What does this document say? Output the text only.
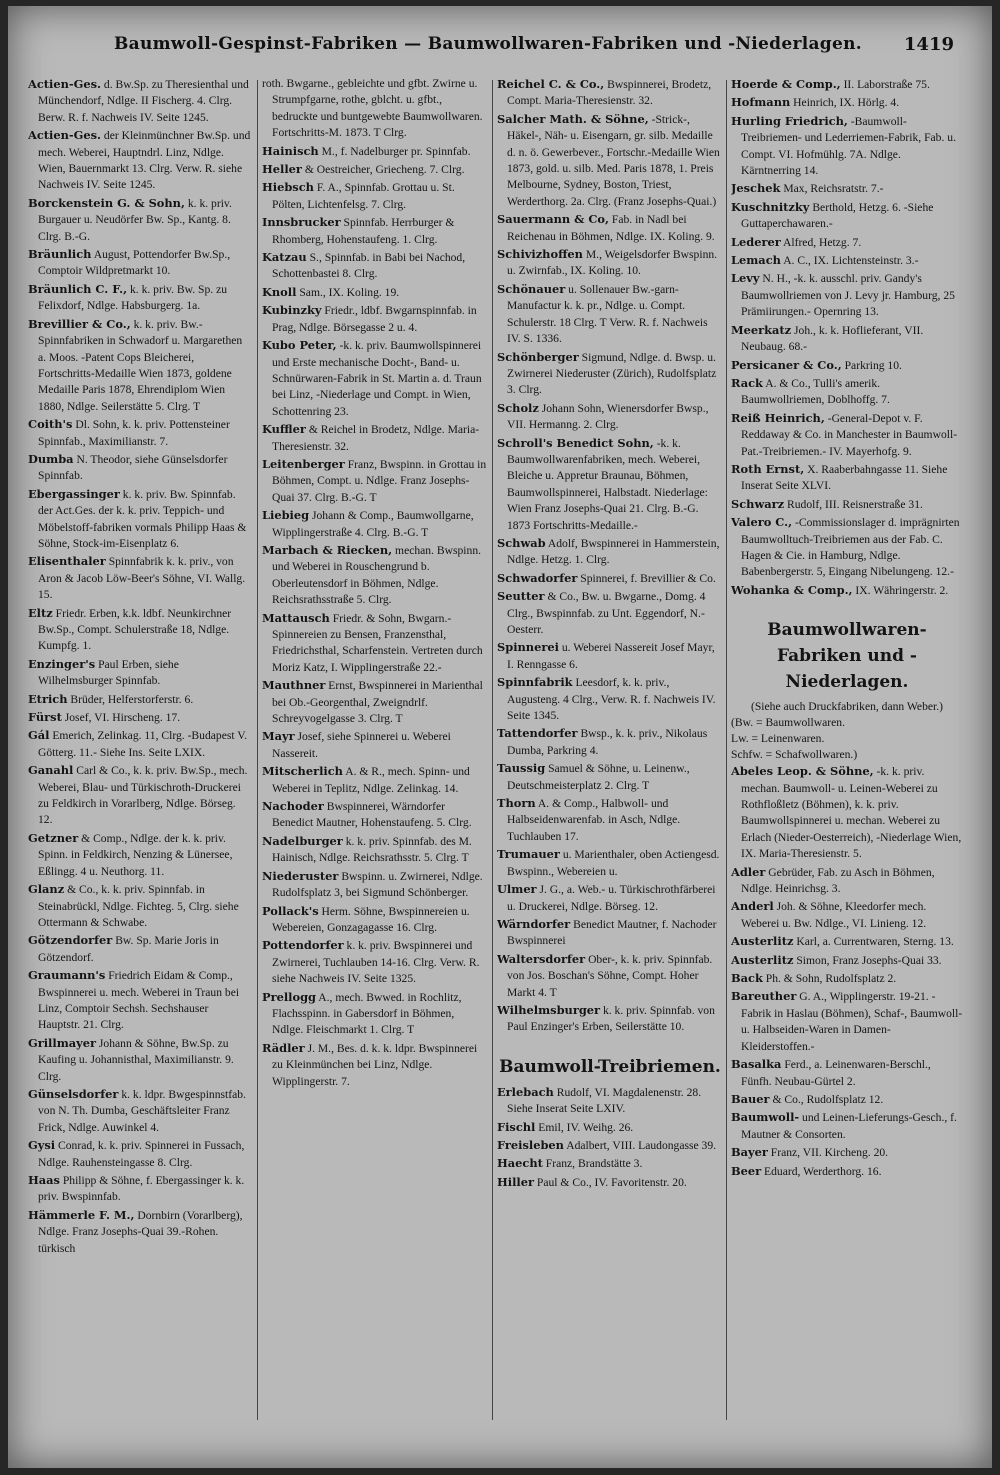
Baumwoll-Gespinst-Fabriken — Baumwollwaren-Fabriken und -Niederlagen.	1419
Actien-Ges. d. Bw.Sp. zu Theresienthal und Münchendorf, Ndlge. II Fischerg. 4. Clrg. Berw. R. f. Nachweis IV. Seite 1245.
Actien-Ges. der Kleinmünchner Bw.Sp. und mech. Weberei, Hauptndrl. Linz, Ndlge. Wien, Bauernmarkt 13. Clrg. Verw. R. siehe Nachweis IV. Seite 1245.
Borckenstein G. & Sohn, k. k. priv. Burgauer u. Neudörfer Bw. Sp., Kantg. 8. Clrg. B.-G.
Bräunlich August, Pottendorfer Bw.Sp., Comptoir Wildpretmarkt 10.
Bräunlich C. F., k. k. priv. Bw. Sp. zu Felixdorf, Ndlge. Habsburgerg. 1a.
Brevillier & Co., k. k. priv. Bw.-Spinnfabriken in Schwadorf u. Margarethen a. Moos. -Patent Cops Bleicherei, Fortschritts-Medaille Wien 1873, goldene Medaille Paris 1878, Ehrendiplom Wien 1880, Ndlge. Seilerstätte 5. Clrg. T
Coith's Dl. Sohn, k. k. priv. Pottensteiner Spinnfab., Maximilianstr. 7.
Dumba N. Theodor, siehe Günselsdorfer Spinnfab.
Ebergassinger k. k. priv. Bw. Spinnfab. der Act.Ges. der k. k. priv. Teppich- und Möbelstoff-fabriken vormals Philipp Haas & Söhne, Stock-im-Eisenplatz 6.
Elisenthaler Spinnfabrik k. k. priv., von Aron & Jacob Löw-Beer's Söhne, VI. Wallg. 15.
Eltz Friedr. Erben, k.k. ldbf. Neunkirchner Bw.Sp., Compt. Schulerstraße 18, Ndlge. Kumpfg. 1.
Enzinger's Paul Erben, siehe Wilhelmsburger Spinnfab.
Etrich Brüder, Helferstorferstr. 6.
Fürst Josef, VI. Hirscheng. 17.
Gál Emerich, Zelinkag. 11, Clrg. -Budapest V. Götterg. 11.- Siehe Ins. Seite LXIX.
Ganahl Carl & Co., k. k. priv. Bw.Sp., mech. Weberei, Blau- und Türkischroth-Druckerei zu Feldkirch in Vorarlberg, Ndlge. Börseg. 12.
Getzner & Comp., Ndlge. der k. k. priv. Spinn. in Feldkirch, Nenzing & Lünersee, Eßlingg. 4 u. Neuthorg. 11.
Glanz & Co., k. k. priv. Spinnfab. in Steinabrückl, Ndlge. Fichteg. 5, Clrg. siehe Ottermann & Schwabe.
Götzendorfer Bw. Sp. Marie Joris in Götzendorf.
Graumann's Friedrich Eidam & Comp., Bwspinnerei u. mech. Weberei in Traun bei Linz, Comptoir Sechsh. Sechshauser Hauptstr. 21. Clrg.
Grillmayer Johann & Söhne, Bw.Sp. zu Kaufing u. Johannisthal, Maximilianstr. 9. Clrg.
Günselsdorfer k. k. ldpr. Bwgespinnstfab. von N. Th. Dumba, Geschäftsleiter Franz Frick, Ndlge. Auwinkel 4.
Gysi Conrad, k. k. priv. Spinnerei in Fussach, Ndlge. Rauhensteingasse 8. Clrg.
Haas Philipp & Söhne, f. Ebergassinger k. k. priv. Bwspinnfab.
Hämmerle F. M., Dornbirn (Vorarlberg), Ndlge. Franz Josephs-Quai 39.-Rohen. türkisch
roth. Bwgarne., gebleichte und gfbt. Zwirne u. Strumpfgarne, rothe, gblcht. u. gfbt., bedruckte und buntgewebte Baumwollwaren. Fortschritts-M. 1873. T Clrg.
Hainisch M., f. Nadelburger pr. Spinnfab.
Heller & Oestreicher, Griecheng. 7. Clrg.
Hiebsch F. A., Spinnfab. Grottau u. St. Pölten, Lichtenfelsg. 7. Clrg.
Innsbrucker Spinnfab. Herrburger & Rhomberg, Hohenstaufeng. 1. Clrg.
Katzau S., Spinnfab. in Babi bei Nachod, Schottenbastei 8. Clrg.
Knoll Sam., IX. Koling. 19.
Kubinzky Friedr., ldbf. Bwgarnspinnfab. in Prag, Ndlge. Börsegasse 2 u. 4.
Kubo Peter, -k. k. priv. Baumwollspinnerei und Erste mechanische Docht-, Band- u. Schnürwaren-Fabrik in St. Martin a. d. Traun bei Linz, -Niederlage und Compt. in Wien, Schottenring 23.
Kuffler & Reichel in Brodetz, Ndlge. Maria-Theresienstr. 32.
Leitenberger Franz, Bwspinn. in Grottau in Böhmen, Compt. u. Ndlge. Franz Josephs-Quai 37. Clrg. B.-G. T
Liebieg Johann & Comp., Baumwollgarne, Wipplingerstraße 4. Clrg. B.-G. T
Marbach & Riecken, mechan. Bwspinn. und Weberei in Rouschengrund b. Oberleutensdorf in Böhmen, Ndlge. Reichsrathsstraße 5. Clrg.
Mattausch Friedr. & Sohn, Bwgarn.-Spinnereien zu Bensen, Franzensthal, Friedrichsthal, Scharfenstein. Vertreten durch Moriz Katz, I. Wipplingerstraße 22.-
Mauthner Ernst, Bwspinnerei in Marienthal bei Ob.-Georgenthal, Zweigndrlf. Schreyvogelgasse 3. Clrg. T
Mayr Josef, siehe Spinnerei u. Weberei Nassereit.
Mitscherlich A. & R., mech. Spinn- und Weberei in Teplitz, Ndlge. Zelinkag. 14.
Nachoder Bwspinnerei, Wärndorfer Benedict Mautner, Hohenstaufeng. 5. Clrg.
Nadelburger k. k. priv. Spinnfab. des M. Hainisch, Ndlge. Reichsrathsstr. 5. Clrg. T
Niederuster Bwspinn. u. Zwirnerei, Ndlge. Rudolfsplatz 3, bei Sigmund Schönberger.
Pollack's Herm. Söhne, Bwspinnereien u. Webereien, Gonzagagasse 16. Clrg.
Pottendorfer k. k. priv. Bwspinnerei und Zwirnerei, Tuchlauben 14-16. Clrg. Verw. R. siehe Nachweis IV. Seite 1325.
Prellogg A., mech. Bwwed. in Rochlitz, Flachsspinn. in Gabersdorf in Böhmen, Ndlge. Fleischmarkt 1. Clrg. T
Rädler J. M., Bes. d. k. k. ldpr. Bwspinnerei zu Kleinmünchen bei Linz, Ndlge. Wipplingerstr. 7.
Reichel C. & Co., Bwspinnerei, Brodetz, Compt. Maria-Theresienstr. 32.
Salcher Math. & Söhne, -Strick-, Häkel-, Näh- u. Eisengarn, gr. silb. Medaille d. n. ö. Gewerbever., Fortschr.-Medaille Wien 1873, gold. u. silb. Med. Paris 1878, 1. Preis Melbourne, Sydney, Boston, Triest, Werderthorg. 2a. Clrg. (Franz Josephs-Quai.)
Sauermann & Co, Fab. in Nadl bei Reichenau in Böhmen, Ndlge. IX. Koling. 9.
Schivizhoffen M., Weigelsdorfer Bwspinn. u. Zwirnfab., IX. Koling. 10.
Schönauer u. Sollenauer Bw.-garn-Manufactur k. k. pr., Ndlge. u. Compt. Schulerstr. 18 Clrg. T Verw. R. f. Nachweis IV. S. 1336.
Schönberger Sigmund, Ndlge. d. Bwsp. u. Zwirnerei Niederuster (Zürich), Rudolfsplatz 3. Clrg.
Scholz Johann Sohn, Wienersdorfer Bwsp., VII. Hermanng. 2. Clrg.
Schroll's Benedict Sohn, -k. k. Baumwollwarenfabriken, mech. Weberei, Bleiche u. Appretur Braunau, Böhmen, Baumwollspinnerei, Halbstadt. Niederlage: Wien Franz Josephs-Quai 21. Clrg. B.-G. 1873 Fortschritts-Medaille.-
Schwab Adolf, Bwspinnerei in Hammerstein, Ndlge. Hetzg. 1. Clrg.
Schwadorfer Spinnerei, f. Brevillier & Co.
Seutter & Co., Bw. u. Bwgarne., Domg. 4 Clrg., Bwspinnfab. zu Unt. Eggendorf, N.-Oesterr.
Spinnerei u. Weberei Nassereit Josef Mayr, I. Renngasse 6.
Spinnfabrik Leesdorf, k. k. priv., Augusteng. 4 Clrg., Verw. R. f. Nachweis IV. Seite 1345.
Tattendorfer Bwsp., k. k. priv., Nikolaus Dumba, Parkring 4.
Taussig Samuel & Söhne, u. Leinenw., Deutschmeisterplatz 2. Clrg. T
Thorn A. & Comp., Halbwoll- und Halbseidenwarenfab. in Asch, Ndlge. Tuchlauben 17.
Trumauer u. Marienthaler, oben Actiengesd. Bwspinn., Webereien u.
Ulmer J. G., a. Web.- u. Türkischrothfärberei u. Druckerei, Ndlge. Börseg. 12.
Wärndorfer Benedict Mautner, f. Nachoder Bwspinnerei
Waltersdorfer Ober-, k. k. priv. Spinnfab. von Jos. Boschan's Söhne, Compt. Hoher Markt 4. T
Wilhelmsburger k. k. priv. Spinnfab. von Paul Enzinger's Erben, Seilerstätte 10.
Baumwoll-Treibriemen.
Erlebach Rudolf, VI. Magdalenenstr. 28. Siehe Inserat Seite LXIV.
Fischl Emil, IV. Weihg. 26.
Freisleben Adalbert, VIII. Laudongasse 39.
Haecht Franz, Brandstätte 3.
Hiller Paul & Co., IV. Favoritenstr. 20.
Hoerde & Comp., II. Laborstraße 75.
Hofmann Heinrich, IX. Hörlg. 4.
Hurling Friedrich, -Baumwoll-Treibriemen- und Lederriemen-Fabrik, Fab. u. Compt. VI. Hofmühlg. 7A. Ndlge. Kärntnerring 14.
Jeschek Max, Reichsratstr. 7.-
Kuschnitzky Berthold, Hetzg. 6. -Siehe Guttaperchawaren.-
Lederer Alfred, Hetzg. 7.
Lemach A. C., IX. Lichtensteinstr. 3.-
Levy N. H., -k. k. ausschl. priv. Gandy's Baumwollriemen von J. Levy jr. Hamburg, 25 Prämiirungen.- Opernring 13.
Meerkatz Joh., k. k. Hoflieferant, VII. Neubaug. 68.-
Persicaner & Co., Parkring 10.
Rack A. & Co., Tulli's amerik. Baumwollriemen, Doblhoffg. 7.
Reiß Heinrich, -General-Depot v. F. Reddaway & Co. in Manchester in Baumwoll-Pat.-Treibriemen.- IV. Mayerhofg. 9.
Roth Ernst, X. Raaberbahngasse 11. Siehe Inserat Seite XLVI.
Schwarz Rudolf, III. Reisnerstraße 31.
Valero C., -Commissionslager d. imprägnirten Baumwolltuch-Treibriemen aus der Fab. C. Hagen & Cie. in Hamburg, Ndlge. Babenbergerstr. 5, Eingang Nibelungeng. 12.-
Wohanka & Comp., IX. Währingerstr. 2.
Baumwollwaren-Fabriken und -Niederlagen.
(Siehe auch Druckfabriken, dann Weber.)
(Bw. = Baumwollwaren.
Lw. = Leinenwaren.
Schfw. = Schafwollwaren.)
Abeles Leop. & Söhne, -k. k. priv. mechan. Baumwoll- u. Leinen-Weberei zu Rothfloßletz (Böhmen), k. k. priv. Baumwollspinnerei u. mechan. Weberei zu Erlach (Nieder-Oesterreich), -Niederlage Wien, IX. Maria-Theresienstr. 5.
Adler Gebrüder, Fab. zu Asch in Böhmen, Ndlge. Heinrichsg. 3.
Anderl Joh. & Söhne, Kleedorfer mech. Weberei u. Bw. Ndlge., VI. Linieng. 12.
Austerlitz Karl, a. Currentwaren, Sterng. 13.
Austerlitz Simon, Franz Josephs-Quai 33.
Back Ph. & Sohn, Rudolfsplatz 2.
Bareuther G. A., Wipplingerstr. 19-21. -Fabrik in Haslau (Böhmen), Schaf-, Baumwoll- u. Halbseiden-Waren in Damen-Kleiderstoffen.-
Basalka Ferd., a. Leinenwaren-Berschl., Fünfh. Neubau-Gürtel 2.
Bauer & Co., Rudolfsplatz 12.
Baumwoll- und Leinen-Lieferungs-Gesch., f. Mautner & Consorten.
Bayer Franz, VII. Kircheng. 20.
Beer Eduard, Werderthorg. 16.
